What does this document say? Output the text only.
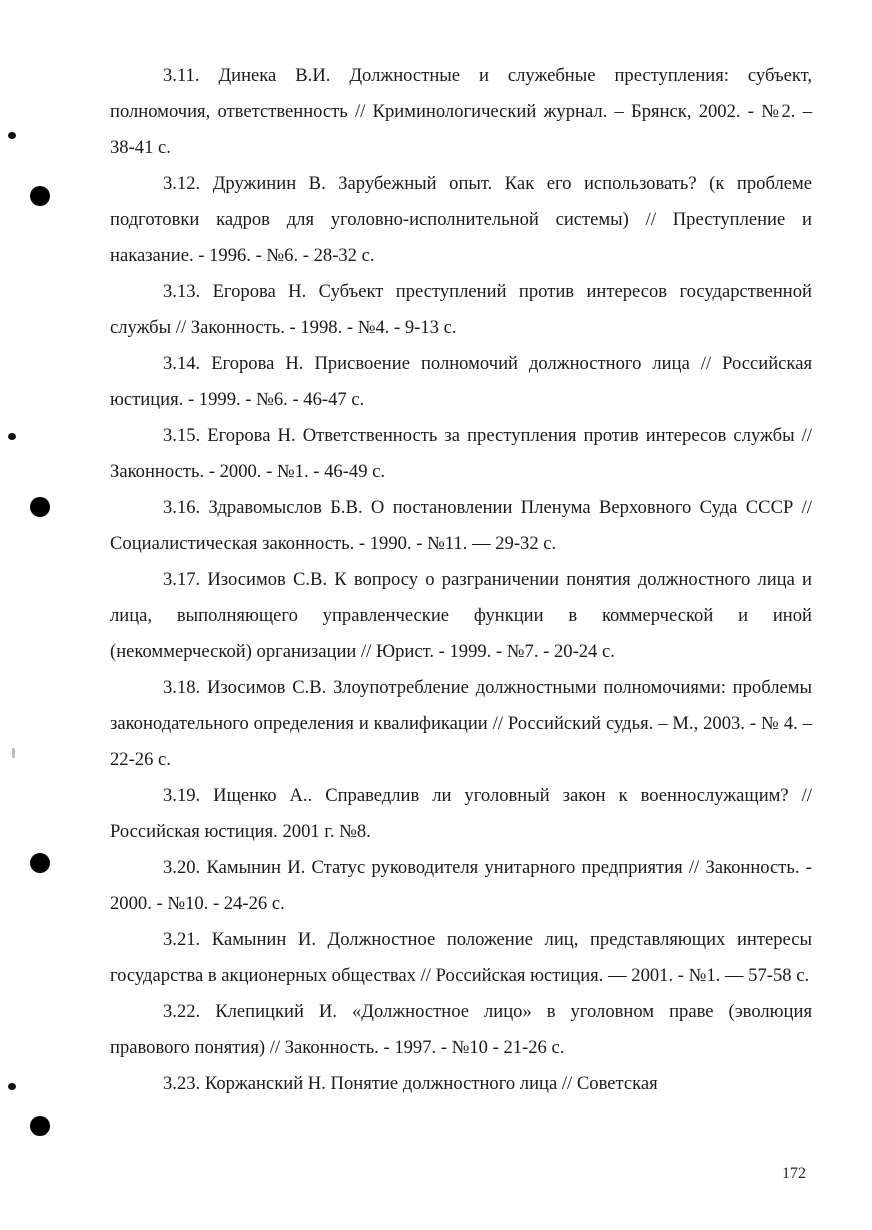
3.11. Динека В.И. Должностные и служебные преступления: субъект, полномочия, ответственность // Криминологический журнал. – Брянск, 2002. - №2. – 38-41 с.

3.12. Дружинин В. Зарубежный опыт. Как его использовать? (к проблеме подготовки кадров для уголовно-исполнительной системы) // Преступление и наказание. - 1996. - №6. - 28-32 с.

3.13. Егорова Н. Субъект преступлений против интересов государственной службы // Законность. - 1998. - №4. - 9-13 с.

3.14. Егорова Н. Присвоение полномочий должностного лица // Российская юстиция. - 1999. - №6. - 46-47 с.

3.15. Егорова Н. Ответственность за преступления против интересов службы // Законность. - 2000. - №1. - 46-49 с.

3.16. Здравомыслов Б.В. О постановлении Пленума Верховного Суда СССР // Социалистическая законность. - 1990. - №11. — 29-32 с.

3.17. Изосимов С.В. К вопросу о разграничении понятия должностного лица и лица, выполняющего управленческие функции в коммерческой и иной (некоммерческой) организации // Юрист. - 1999. - №7. - 20-24 с.

3.18. Изосимов С.В. Злоупотребление должностными полномочиями: проблемы законодательного определения и квалификации // Российский судья. – М., 2003. - № 4. – 22-26 с.

3.19. Ищенко А.. Справедлив ли уголовный закон к военнослужащим? // Российская юстиция. 2001 г. №8.

3.20. Камынин И. Статус руководителя унитарного предприятия // Законность. - 2000. - №10. - 24-26 с.

3.21. Камынин И. Должностное положение лиц, представляющих интересы государства в акционерных обществах // Российская юстиция. — 2001. - №1. — 57-58 с.

3.22. Клепицкий И. «Должностное лицо» в уголовном праве (эволюция правового понятия) // Законность. - 1997. - №10 - 21-26 с.

3.23. Коржанский Н. Понятие должностного лица // Советская

172
